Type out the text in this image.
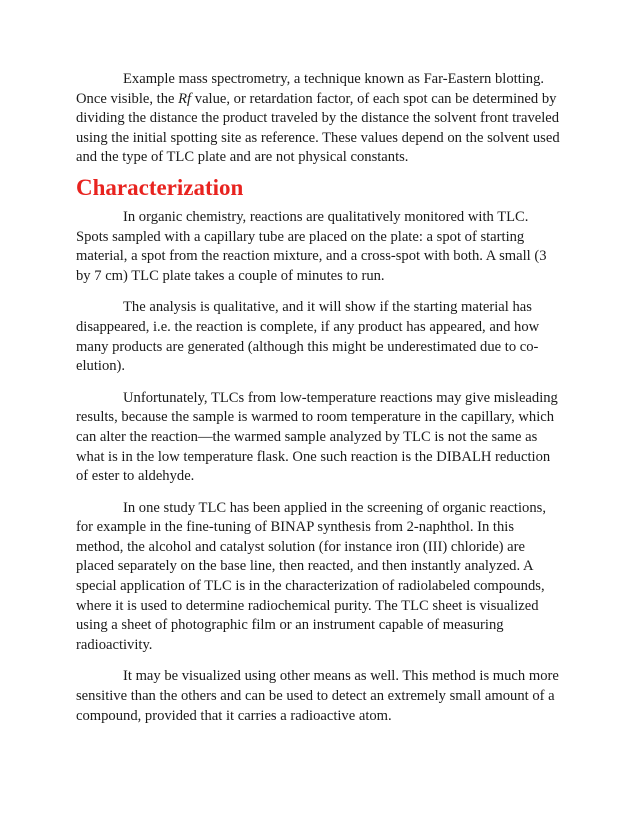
Example mass spectrometry, a technique known as Far-Eastern blotting. Once visible, the Rf value, or retardation factor, of each spot can be determined by dividing the distance the product traveled by the distance the solvent front traveled using the initial spotting site as reference. These values depend on the solvent used and the type of TLC plate and are not physical constants.

Characterization

In organic chemistry, reactions are qualitatively monitored with TLC. Spots sampled with a capillary tube are placed on the plate: a spot of starting material, a spot from the reaction mixture, and a cross-spot with both. A small (3 by 7 cm) TLC plate takes a couple of minutes to run.

The analysis is qualitative, and it will show if the starting material has disappeared, i.e. the reaction is complete, if any product has appeared, and how many products are generated (although this might be underestimated due to co-elution).

Unfortunately, TLCs from low-temperature reactions may give misleading results, because the sample is warmed to room temperature in the capillary, which can alter the reaction—the warmed sample analyzed by TLC is not the same as what is in the low temperature flask. One such reaction is the DIBALH reduction of ester to aldehyde.

In one study TLC has been applied in the screening of organic reactions, for example in the fine-tuning of BINAP synthesis from 2-naphthol. In this method, the alcohol and catalyst solution (for instance iron (III) chloride) are placed separately on the base line, then reacted, and then instantly analyzed. A special application of TLC is in the characterization of radiolabeled compounds, where it is used to determine radiochemical purity. The TLC sheet is visualized using a sheet of photographic film or an instrument capable of measuring radioactivity.

It may be visualized using other means as well. This method is much more sensitive than the others and can be used to detect an extremely small amount of a compound, provided that it carries a radioactive atom.
